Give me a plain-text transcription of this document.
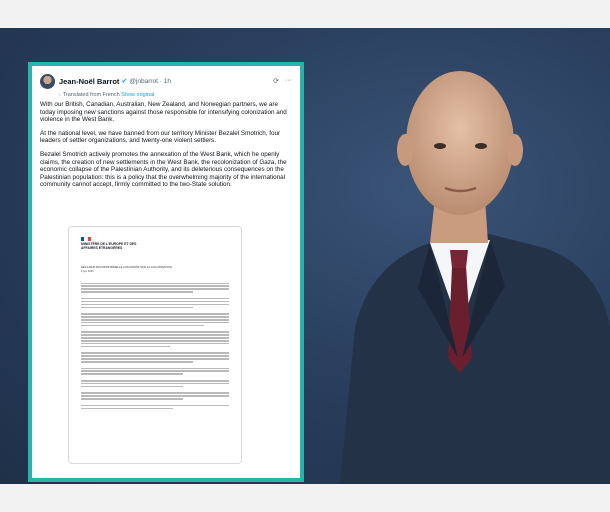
Jean-Noël Barrot ✔ @jnbarrot · 1h	⟳ ···
◌ Translated from French Show original

With our British, Canadian, Australian, New Zealand, and Norwegian partners, we are today imposing new sanctions against those responsible for intensifying colonization and violence in the West Bank.

At the national level, we have banned from our territory Minister Bezalel Smotrich, four leaders of settler organizations, and twenty-one violent settlers.

Bezalel Smotrich actively promotes the annexation of the West Bank, which he openly claims, the creation of new settlements in the West Bank, the recolonization of Gaza, the economic collapse of the Palestinian Authority, and its deleterious consequences on the Palestinian population: this is a policy that the overwhelming majority of the international community cannot accept, firmly committed to the two-State solution.

MINISTÈRE DE L'EUROPE ET DES AFFAIRES ÉTRANGÈRES
DÉCLARATION MINISTÉRIELLE CONJOINTE SUR LA COLONISATION
9 juin 2025
